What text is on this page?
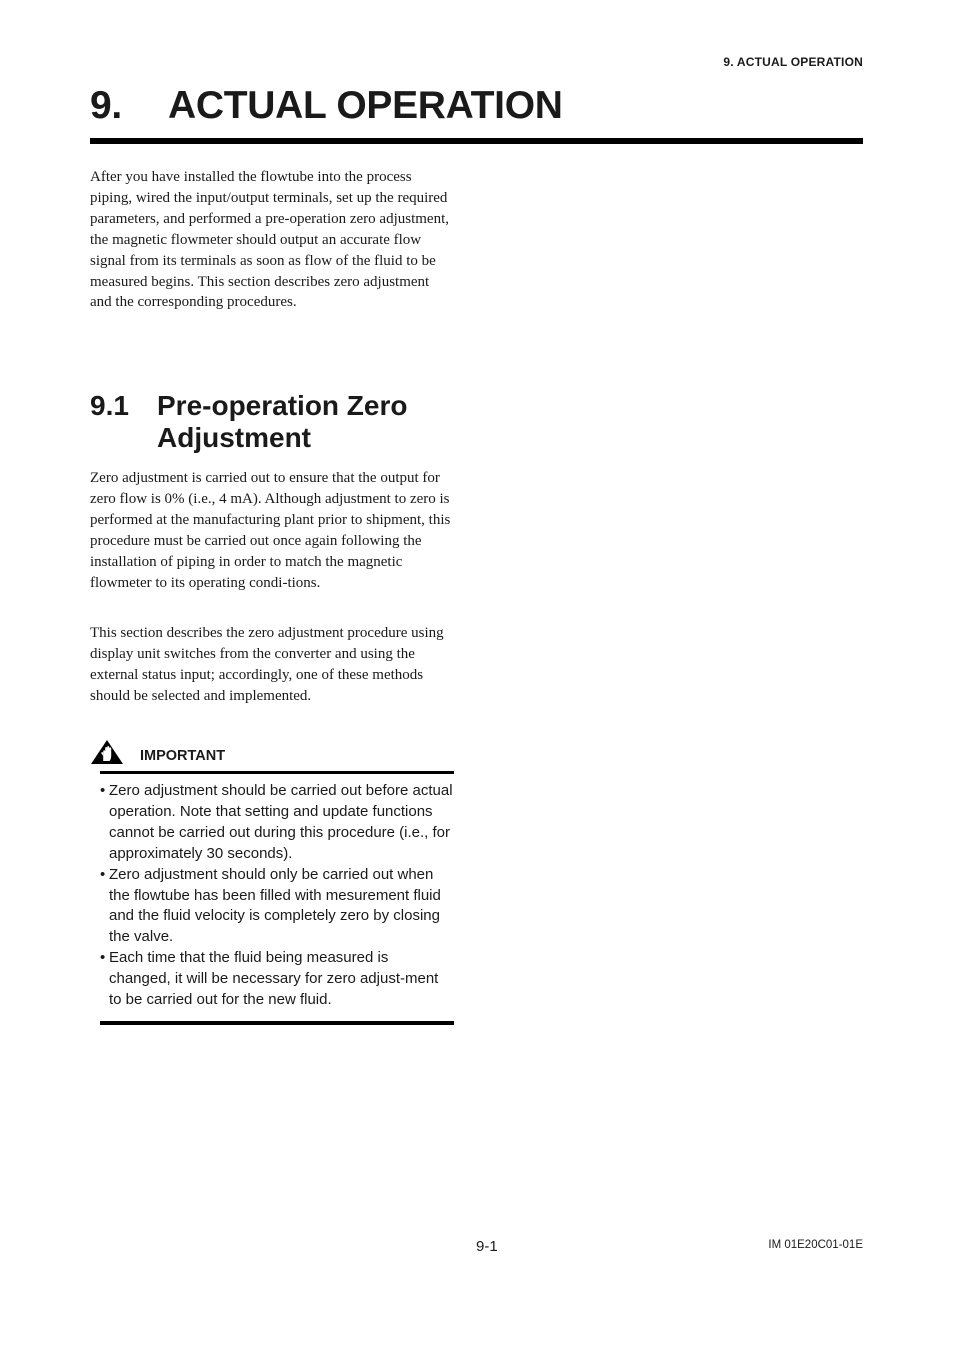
9. ACTUAL OPERATION
9. ACTUAL OPERATION

After you have installed the flowtube into the process piping, wired the input/output terminals, set up the required parameters, and performed a pre-operation zero adjustment, the magnetic flowmeter should output an accurate flow signal from its terminals as soon as flow of the fluid to be measured begins. This section describes zero adjustment and the corresponding procedures.

9.1 Pre-operation Zero Adjustment

Zero adjustment is carried out to ensure that the output for zero flow is 0% (i.e., 4 mA). Although adjustment to zero is performed at the manufacturing plant prior to shipment, this procedure must be carried out once again following the installation of piping in order to match the magnetic flowmeter to its operating condi-tions.

This section describes the zero adjustment procedure using display unit switches from the converter and using the external status input; accordingly, one of these methods should be selected and implemented.

IMPORTANT
• Zero adjustment should be carried out before actual operation. Note that setting and update functions cannot be carried out during this procedure (i.e., for approximately 30 seconds).
• Zero adjustment should only be carried out when the flowtube has been filled with mesurement fluid and the fluid velocity is completely zero by closing the valve.
• Each time that the fluid being measured is changed, it will be necessary for zero adjust-ment to be carried out for the new fluid.
9-1	IM 01E20C01-01E
